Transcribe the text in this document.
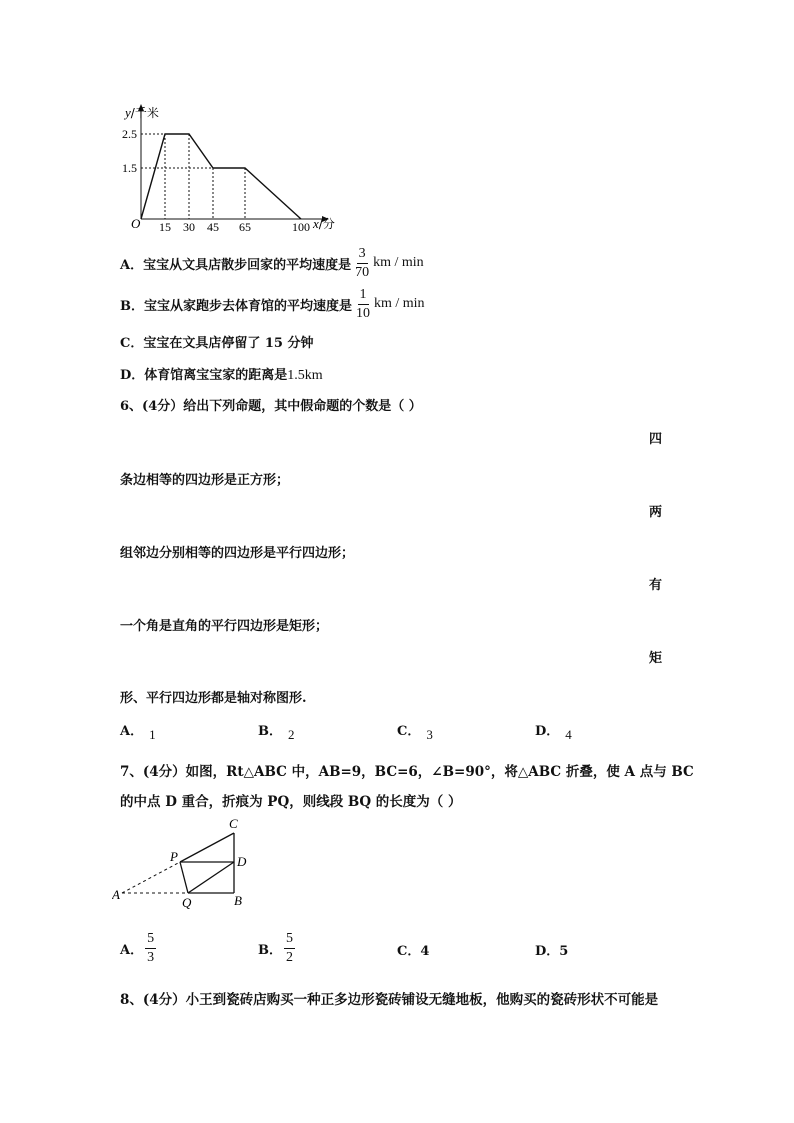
15 30 45 65	100
2.5
1.5
y/千米
x/分
O
A．宝宝从文具店散步回家的平均速度是 $\frac{3}{70}$ km / min
B．宝宝从家跑步去体育馆的平均速度是 $\frac{1}{10}$ km / min
C．宝宝在文具店停留了 15 分钟
D．体育馆离宝宝家的距离是1.5km
6、(4分）给出下列命题，其中假命题的个数是（ ）
四
条边相等的四边形是正方形；
两
组邻边分别相等的四边形是平行四边形；
有
一个角是直角的平行四边形是矩形；
矩
形、平行四边形都是轴对称图形.
A． 1	B． 2	C． 3	D． 4
7、(4分）如图，Rt△ABC 中，AB=9，BC=6，∠B=90°，将△ABC 折叠，使 A 点与 BC
的中点 D 重合，折痕为 PQ，则线段 BQ 的长度为（ ）
C
D
B
P
Q
A
A． $\frac{5}{3}$	B． $\frac{5}{2}$	C．4	D．5
8、(4分）小王到瓷砖店购买一种正多边形瓷砖铺设无缝地板，他购买的瓷砖形状不可能是
